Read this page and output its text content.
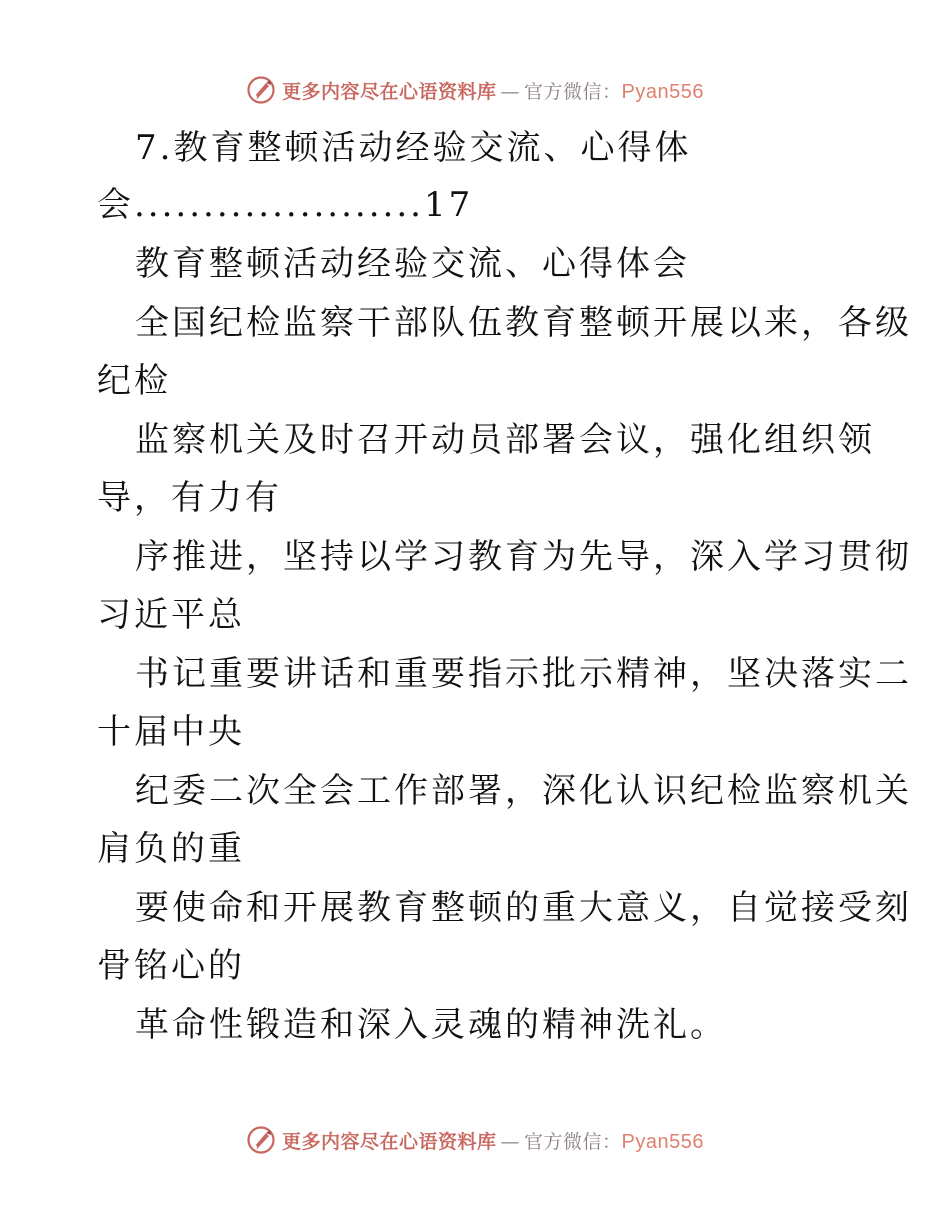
更多内容尽在心语资料库 — 官方微信：Pyan556
7.教育整顿活动经验交流、心得体
会.....................17
教育整顿活动经验交流、心得体会
全国纪检监察干部队伍教育整顿开展以来，各级
纪检
监察机关及时召开动员部署会议，强化组织领
导，有力有
序推进，坚持以学习教育为先导，深入学习贯彻
习近平总
书记重要讲话和重要指示批示精神，坚决落实二
十届中央
纪委二次全会工作部署，深化认识纪检监察机关
肩负的重
要使命和开展教育整顿的重大意义，自觉接受刻
骨铭心的
革命性锻造和深入灵魂的精神洗礼。
更多内容尽在心语资料库 — 官方微信：Pyan556
